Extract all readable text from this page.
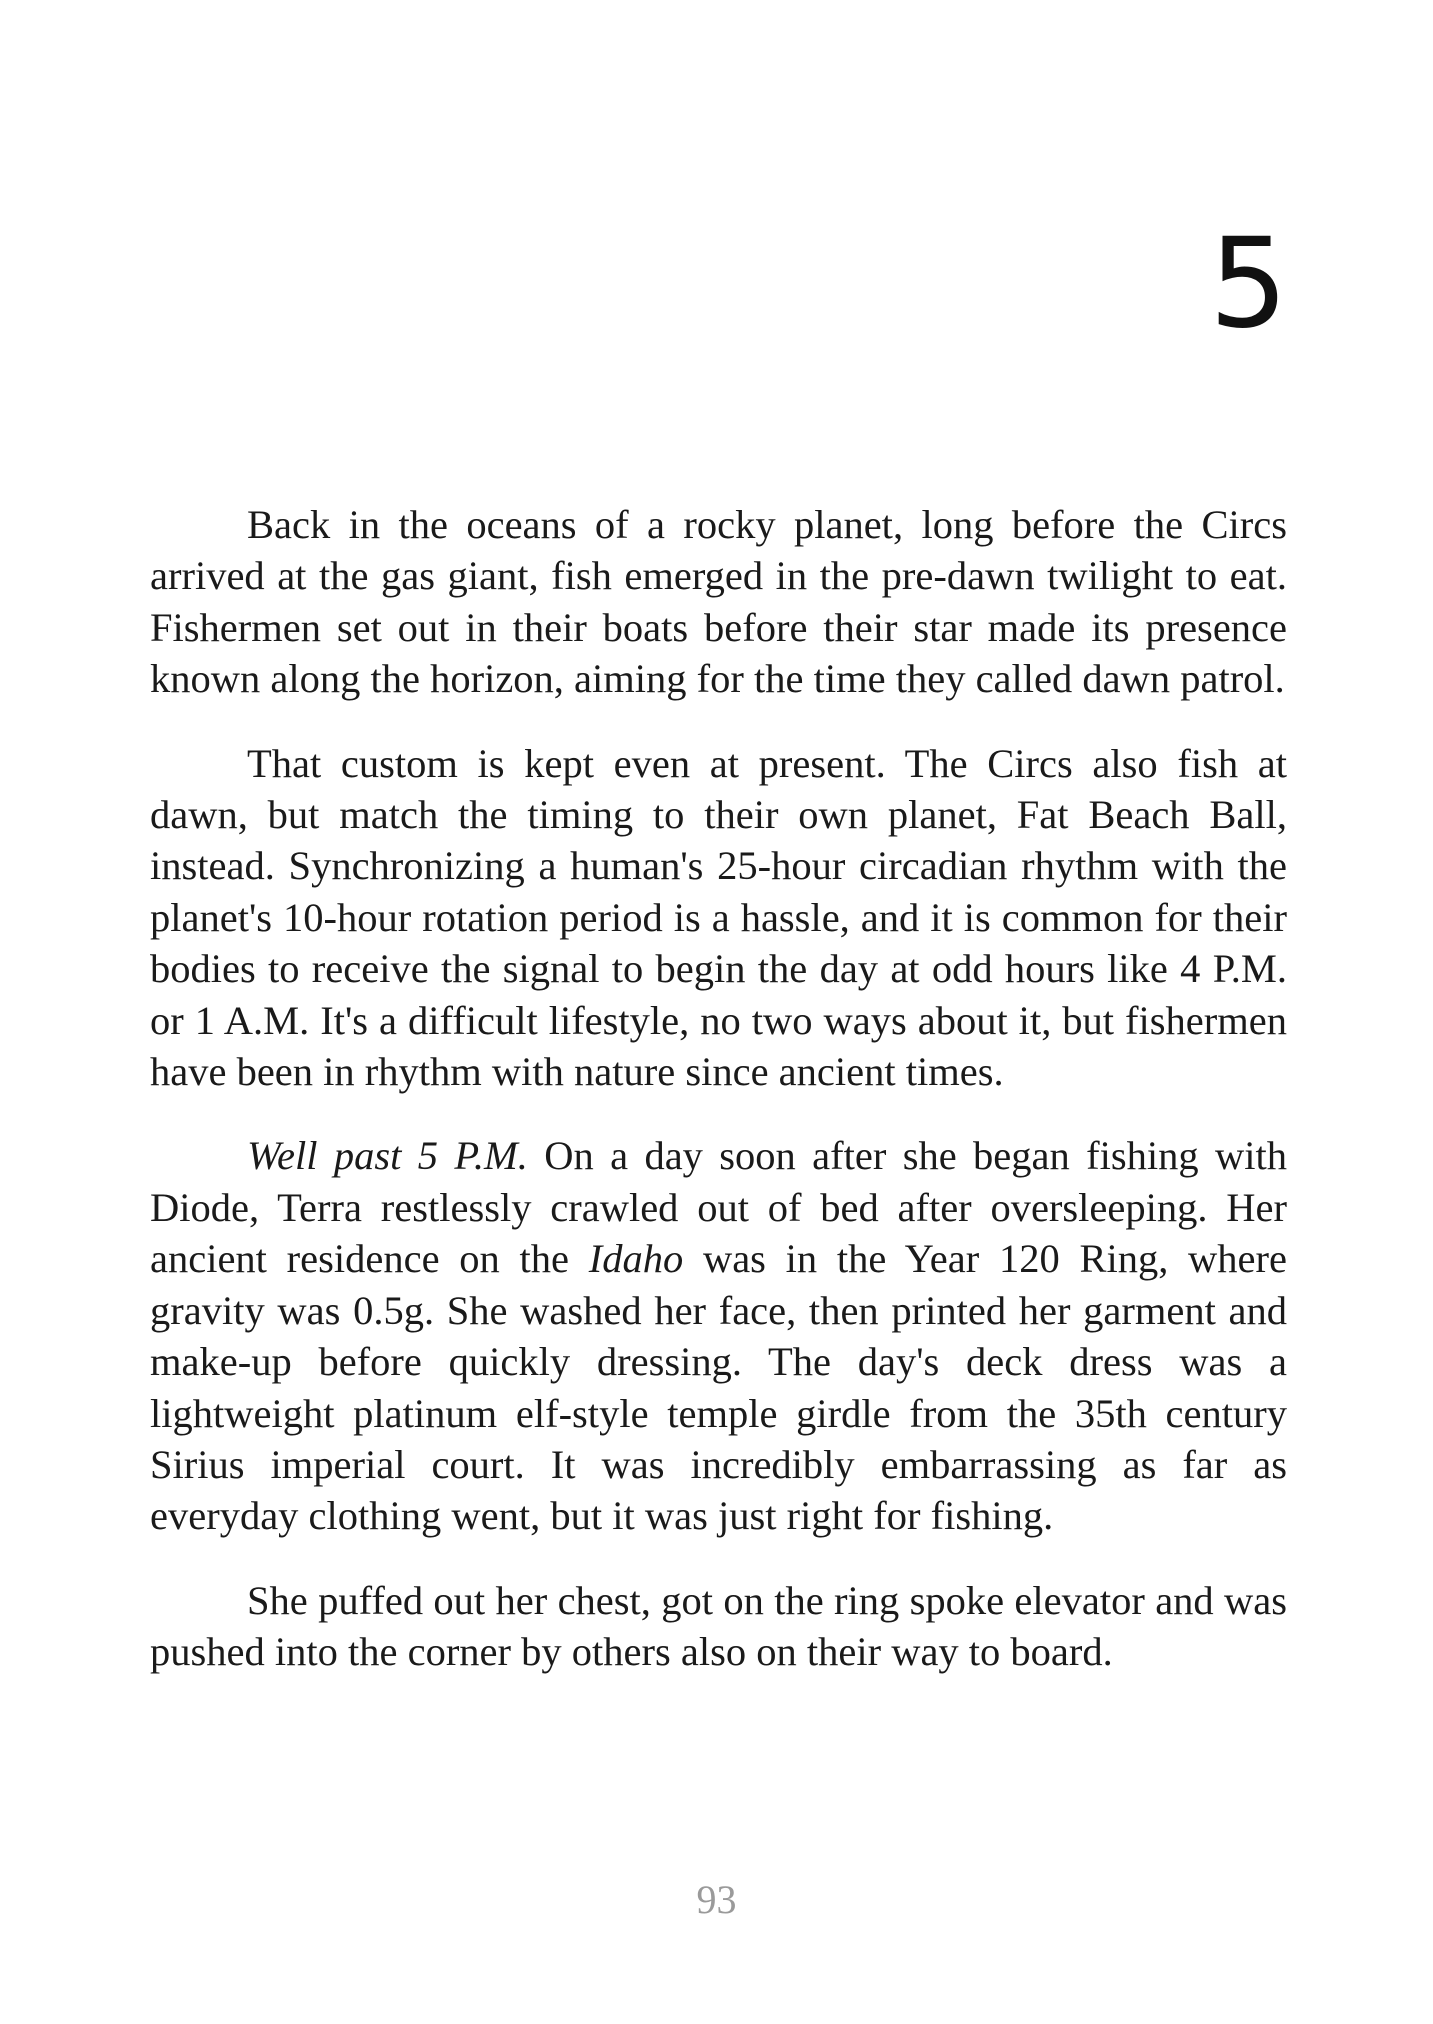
5

Back in the oceans of a rocky planet, long before the Circs arrived at the gas giant, fish emerged in the pre-dawn twilight to eat. Fishermen set out in their boats before their star made its presence known along the horizon, aiming for the time they called dawn patrol.

That custom is kept even at present. The Circs also fish at dawn, but match the timing to their own planet, Fat Beach Ball, instead. Synchronizing a human's 25-hour circadian rhythm with the planet's 10-hour rotation period is a hassle, and it is common for their bodies to receive the signal to begin the day at odd hours like 4 P.M. or 1 A.M. It's a difficult lifestyle, no two ways about it, but fishermen have been in rhythm with nature since ancient times.

Well past 5 P.M. On a day soon after she began fishing with Diode, Terra restlessly crawled out of bed after oversleeping. Her ancient residence on the Idaho was in the Year 120 Ring, where gravity was 0.5g. She washed her face, then printed her garment and make-up before quickly dressing. The day's deck dress was a lightweight platinum elf-style temple girdle from the 35th century Sirius imperial court. It was incredibly embarrassing as far as everyday clothing went, but it was just right for fishing.

She puffed out her chest, got on the ring spoke elevator and was pushed into the corner by others also on their way to board.

93
